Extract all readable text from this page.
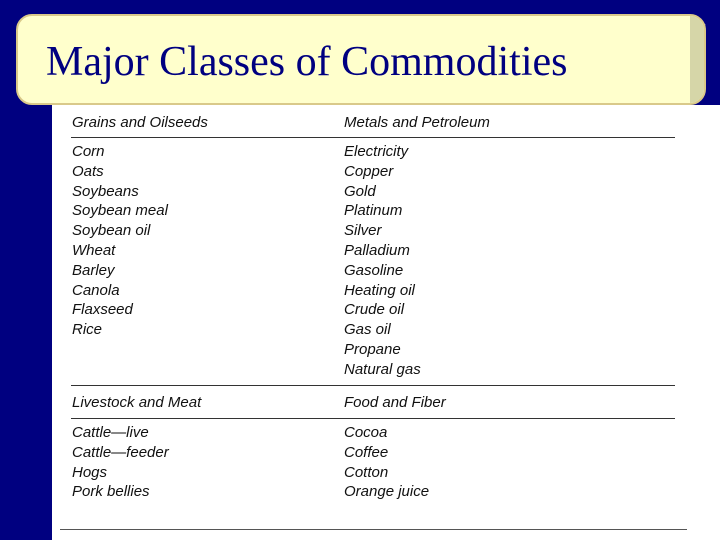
Major Classes of Commodities
Grains and Oilseeds	Metals and Petroleum
Corn
Oats
Soybeans
Soybean meal
Soybean oil
Wheat
Barley
Canola
Flaxseed
Rice
Electricity
Copper
Gold
Platinum
Silver
Palladium
Gasoline
Heating oil
Crude oil
Gas oil
Propane
Natural gas
Livestock and Meat	Food and Fiber
Cattle—live
Cattle—feeder
Hogs
Pork bellies
Cocoa
Coffee
Cotton
Orange juice
